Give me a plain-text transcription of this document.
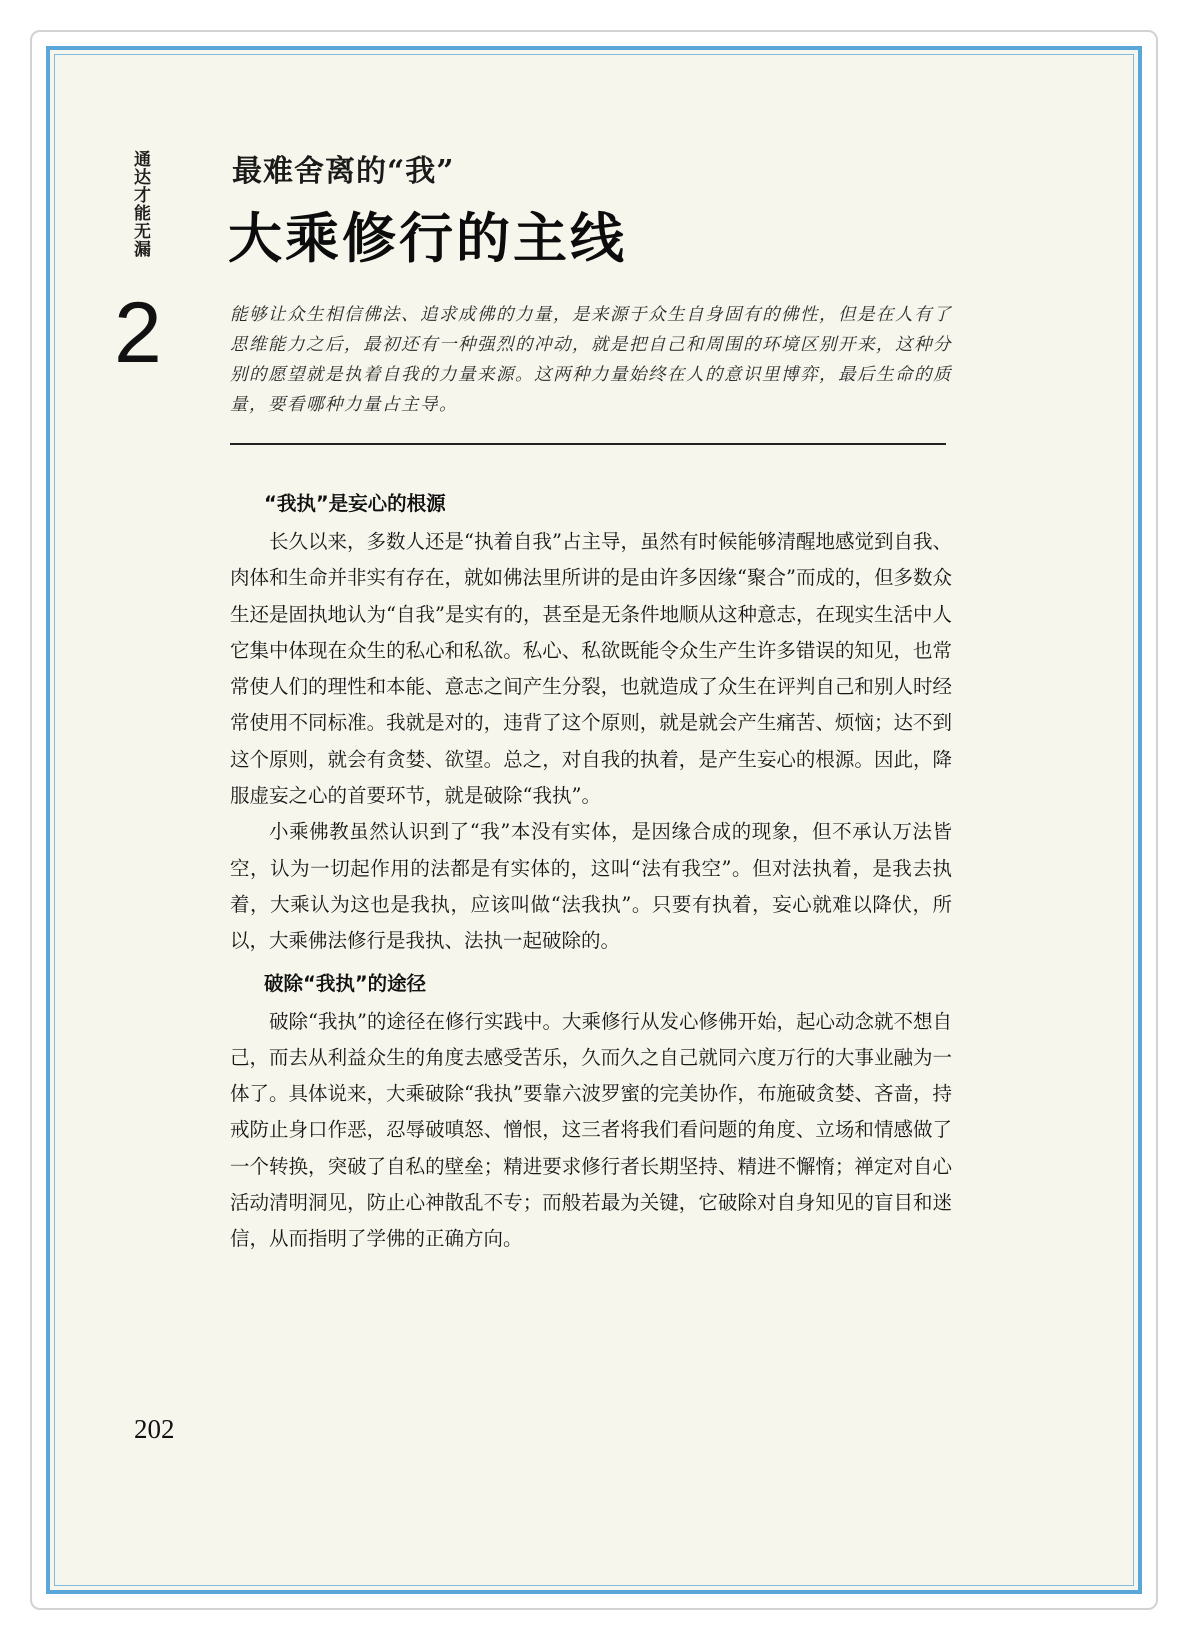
通达才能无漏
2
最难舍离的“我”
大乘修行的主线
能够让众生相信佛法、追求成佛的力量，是来源于众生自身固有的佛性，但是在人有了思维能力之后，最初还有一种强烈的冲动，就是把自己和周围的环境区别开来，这种分别的愿望就是执着自我的力量来源。这两种力量始终在人的意识里博弈，最后生命的质量，要看哪种力量占主导。
“我执”是妄心的根源

长久以来，多数人还是“执着自我”占主导，虽然有时候能够清醒地感觉到自我、肉体和生命并非实有存在，就如佛法里所讲的是由许多因缘“聚合”而成的，但多数众生还是固执地认为“自我”是实有的，甚至是无条件地顺从这种意志，在现实生活中人它集中体现在众生的私心和私欲。私心、私欲既能令众生产生许多错误的知见，也常常使人们的理性和本能、意志之间产生分裂，也就造成了众生在评判自己和别人时经常使用不同标准。我就是对的，违背了这个原则，就是就会产生痛苦、烦恼；达不到这个原则，就会有贪婪、欲望。总之，对自我的执着，是产生妄心的根源。因此，降服虚妄之心的首要环节，就是破除“我执”。

小乘佛教虽然认识到了“我”本没有实体，是因缘合成的现象，但不承认万法皆空，认为一切起作用的法都是有实体的，这叫“法有我空”。但对法执着，是我去执着，大乘认为这也是我执，应该叫做“法我执”。只要有执着，妄心就难以降伏，所以，大乘佛法修行是我执、法执一起破除的。

破除“我执”的途径

破除“我执”的途径在修行实践中。大乘修行从发心修佛开始，起心动念就不想自己，而去从利益众生的角度去感受苦乐，久而久之自己就同六度万行的大事业融为一体了。具体说来，大乘破除“我执”要靠六波罗蜜的完美协作，布施破贪婪、吝啬，持戒防止身口作恶，忍辱破嗔怒、憎恨，这三者将我们看问题的角度、立场和情感做了一个转换，突破了自私的壁垒；精进要求修行者长期坚持、精进不懈惰；禅定对自心活动清明洞见，防止心神散乱不专；而般若最为关键，它破除对自身知见的盲目和迷信，从而指明了学佛的正确方向。

202
